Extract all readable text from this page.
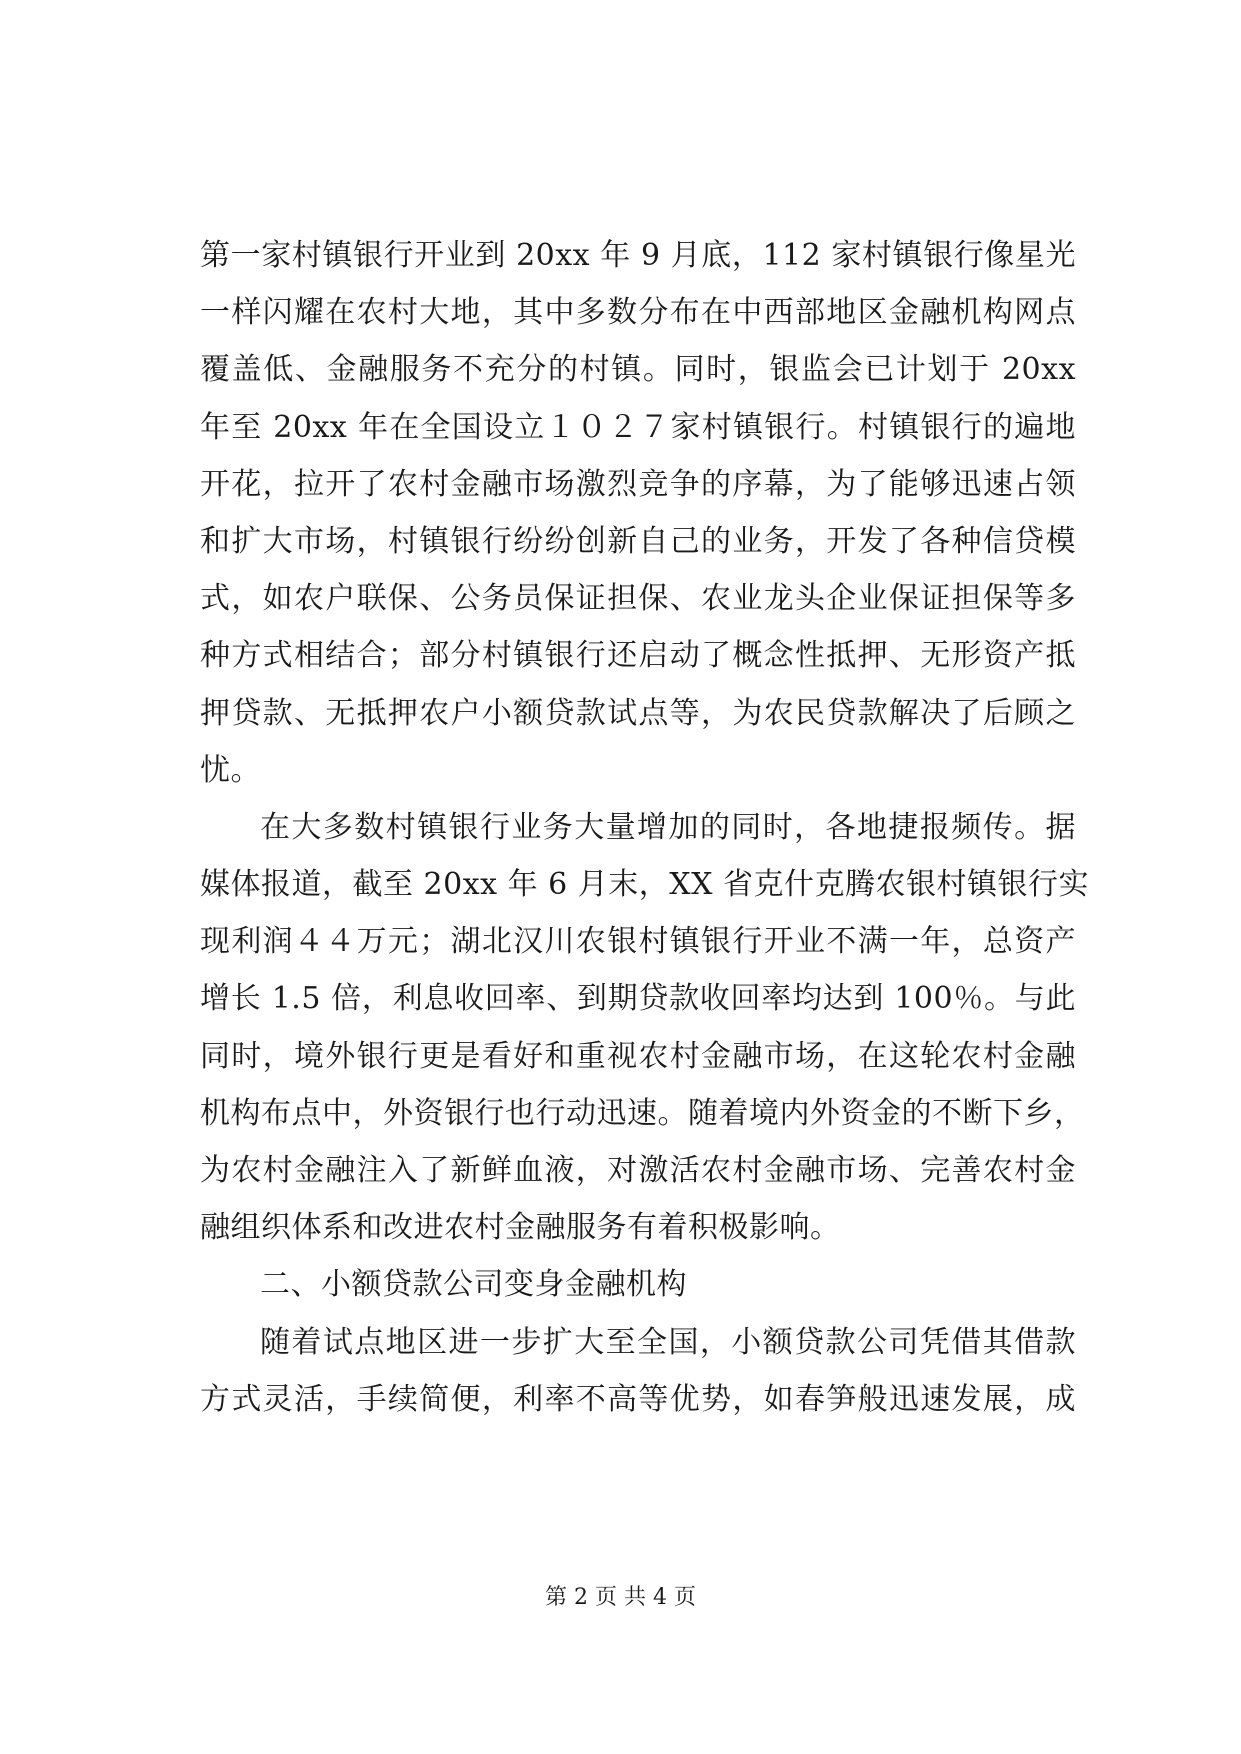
第一家村镇银行开业到 20xx 年 9 月底，112 家村镇银行像星光
一样闪耀在农村大地，其中多数分布在中西部地区金融机构网点
覆盖低、金融服务不充分的村镇。同时，银监会已计划于 20xx
年至 20xx 年在全国设立１０２７家村镇银行。村镇银行的遍地
开花，拉开了农村金融市场激烈竞争的序幕，为了能够迅速占领
和扩大市场，村镇银行纷纷创新自己的业务，开发了各种信贷模
式，如农户联保、公务员保证担保、农业龙头企业保证担保等多
种方式相结合；部分村镇银行还启动了概念性抵押、无形资产抵
押贷款、无抵押农户小额贷款试点等，为农民贷款解决了后顾之
忧。
在大多数村镇银行业务大量增加的同时，各地捷报频传。据
媒体报道，截至 20xx 年 6 月末，XX 省克什克腾农银村镇银行实
现利润４４万元；湖北汉川农银村镇银行开业不满一年，总资产
增长 1.5 倍，利息收回率、到期贷款收回率均达到 100％。与此
同时，境外银行更是看好和重视农村金融市场，在这轮农村金融
机构布点中，外资银行也行动迅速。随着境内外资金的不断下乡，
为农村金融注入了新鲜血液，对激活农村金融市场、完善农村金
融组织体系和改进农村金融服务有着积极影响。
二、小额贷款公司变身金融机构
随着试点地区进一步扩大至全国，小额贷款公司凭借其借款
方式灵活，手续简便，利率不高等优势，如春笋般迅速发展，成
第 2 页 共 4 页
